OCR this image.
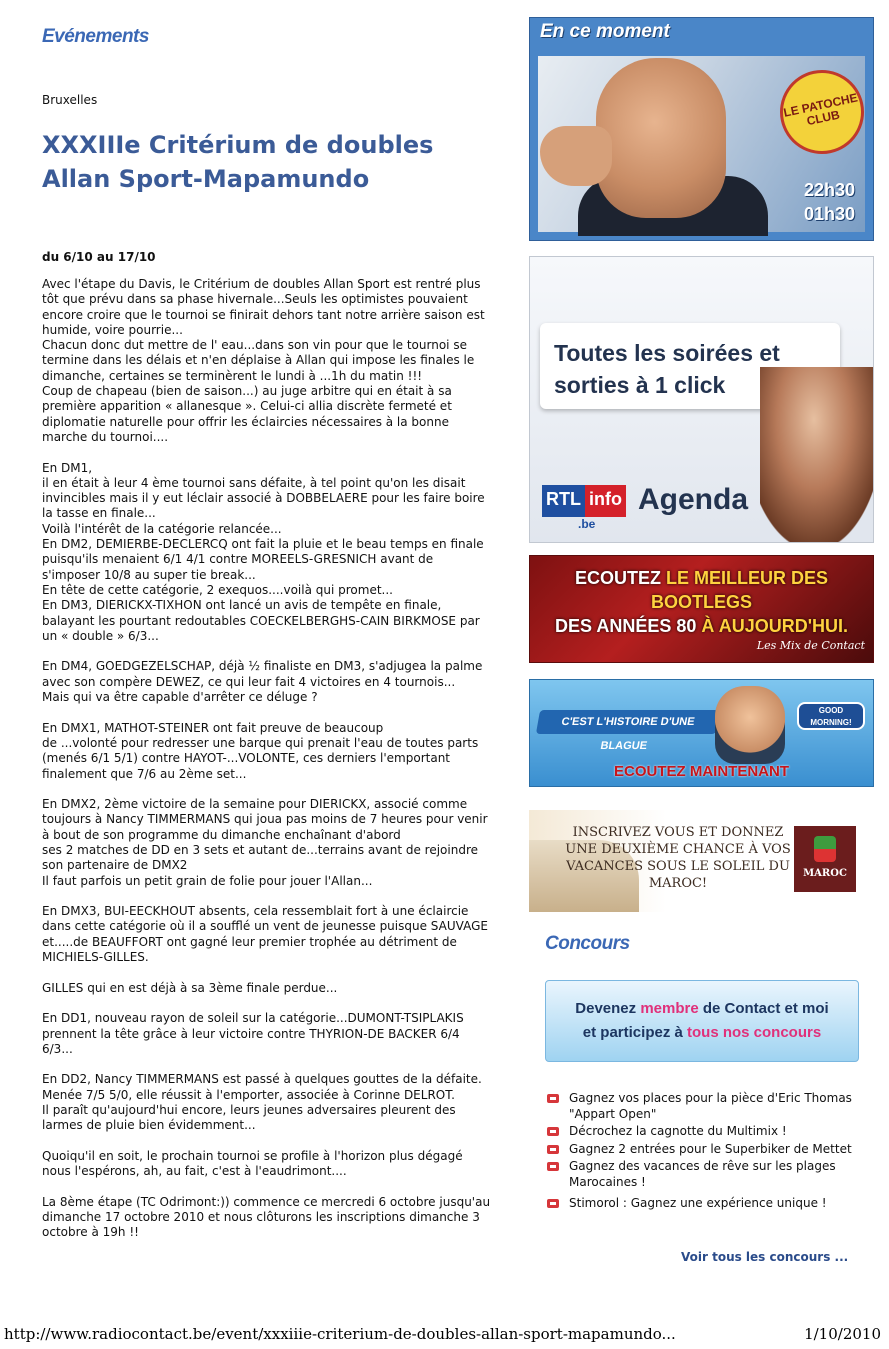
Evénements
Bruxelles
XXXIIIe Critérium de doubles Allan Sport-Mapamundo
du 6/10 au 17/10

Avec l'étape du Davis, le Critérium de doubles Allan Sport est rentré plus tôt que prévu dans sa phase hivernale...Seuls les optimistes pouvaient encore croire que le tournoi se finirait dehors tant notre arrière saison est humide, voire pourrie...
Chacun donc dut mettre de l' eau...dans son vin pour que le tournoi se termine dans les délais et n'en déplaise à Allan qui impose les finales le dimanche, certaines se terminèrent le lundi à ...1h du matin !!!
Coup de chapeau (bien de saison...) au juge arbitre qui en était à sa première apparition « allanesque ». Celui-ci allia discrète fermeté et diplomatie naturelle pour offrir les éclaircies nécessaires à la bonne marche du tournoi....

En DM1,
il en était à leur 4 ème tournoi sans défaite, à tel point qu'on les disait invincibles mais il y eut léclair associé à DOBBELAERE pour les faire boire la tasse en finale...
Voilà l'intérêt de la catégorie relancée...
En DM2, DEMIERBE-DECLERCQ ont fait la pluie et le beau temps en finale puisqu'ils menaient 6/1 4/1 contre MOREELS-GRESNICH avant de s'imposer 10/8 au super tie break...
En tête de cette catégorie, 2 exequos....voilà qui promet...
En DM3, DIERICKX-TIXHON ont lancé un avis de tempête en finale, balayant les pourtant redoutables COECKELBERGHS-CAIN BIRKMOSE par un « double » 6/3...

En DM4, GOEDGEZELSCHAP, déjà ½ finaliste en DM3, s'adjugea la palme avec son compère DEWEZ, ce qui leur fait 4 victoires en 4 tournois...
Mais qui va être capable d'arrêter ce déluge ?

En DMX1, MATHOT-STEINER ont fait preuve de beaucoup
de ...volonté pour redresser une barque qui prenait l'eau de toutes parts (menés 6/1 5/1) contre HAYOT-...VOLONTE, ces derniers l'emportant finalement que 7/6 au 2ème set...

En DMX2, 2ème victoire de la semaine pour DIERICKX, associé comme toujours à Nancy TIMMERMANS qui joua pas moins de 7 heures pour venir à bout de son programme du dimanche enchaînant d'abord
ses 2 matches de DD en 3 sets et autant de...terrains avant de rejoindre son partenaire de DMX2
Il faut parfois un petit grain de folie pour jouer l'Allan...

En DMX3, BUI-EECKHOUT absents, cela ressemblait fort à une éclaircie dans cette catégorie où il a soufflé un vent de jeunesse puisque SAUVAGE et.....de BEAUFFORT ont gagné leur premier trophée au détriment de MICHIELS-GILLES.

GILLES qui en est déjà à sa 3ème finale perdue...

En DD1, nouveau rayon de soleil sur la catégorie...DUMONT-TSIPLAKIS prennent la tête grâce à leur victoire contre THYRION-DE BACKER 6/4 6/3...

En DD2, Nancy TIMMERMANS est passé à quelques gouttes de la défaite.
Menée 7/5 5/0, elle réussit à l'emporter, associée à Corinne DELROT.
Il paraît qu'aujourd'hui encore, leurs jeunes adversaires pleurent des larmes de pluie bien évidemment...

Quoiqu'il en soit, le prochain tournoi se profile à l'horizon plus dégagé nous l'espérons, ah, au fait, c'est à l'eaudrimont....

La 8ème étape (TC Odrimont:)) commence ce mercredi 6 octobre jusqu'au dimanche 17 octobre 2010 et nous clôturons les inscriptions dimanche 3 octobre à 19h !!

En ce moment
LE PATOCHE CLUB
22h30
01h30
Toutes les soirées et sorties à 1 click
RTL info
.be
Agenda
ECOUTEZ LE MEILLEUR DES BOOTLEGS
DES ANNÉES 80 À AUJOURD'HUI.
Les Mix de Contact
C'EST L'HISTOIRE D'UNE BLAGUE
GOOD MORNING!
ECOUTEZ MAINTENANT
INSCRIVEZ VOUS ET DONNEZ UNE DEUXIÈME CHANCE À VOS VACANCES SOUS LE SOLEIL DU MAROC!
MAROC
Concours
Devenez membre de Contact et moi
et participez à tous nos concours
Gagnez vos places pour la pièce d'Eric Thomas "Appart Open"
Décrochez la cagnotte du Multimix !
Gagnez 2 entrées pour le Superbiker de Mettet
Gagnez des vacances de rêve sur les plages Marocaines !
Stimorol : Gagnez une expérience unique !
Voir tous les concours ...
http://www.radiocontact.be/event/xxxiiie-criterium-de-doubles-allan-sport-mapamundo...	1/10/2010
